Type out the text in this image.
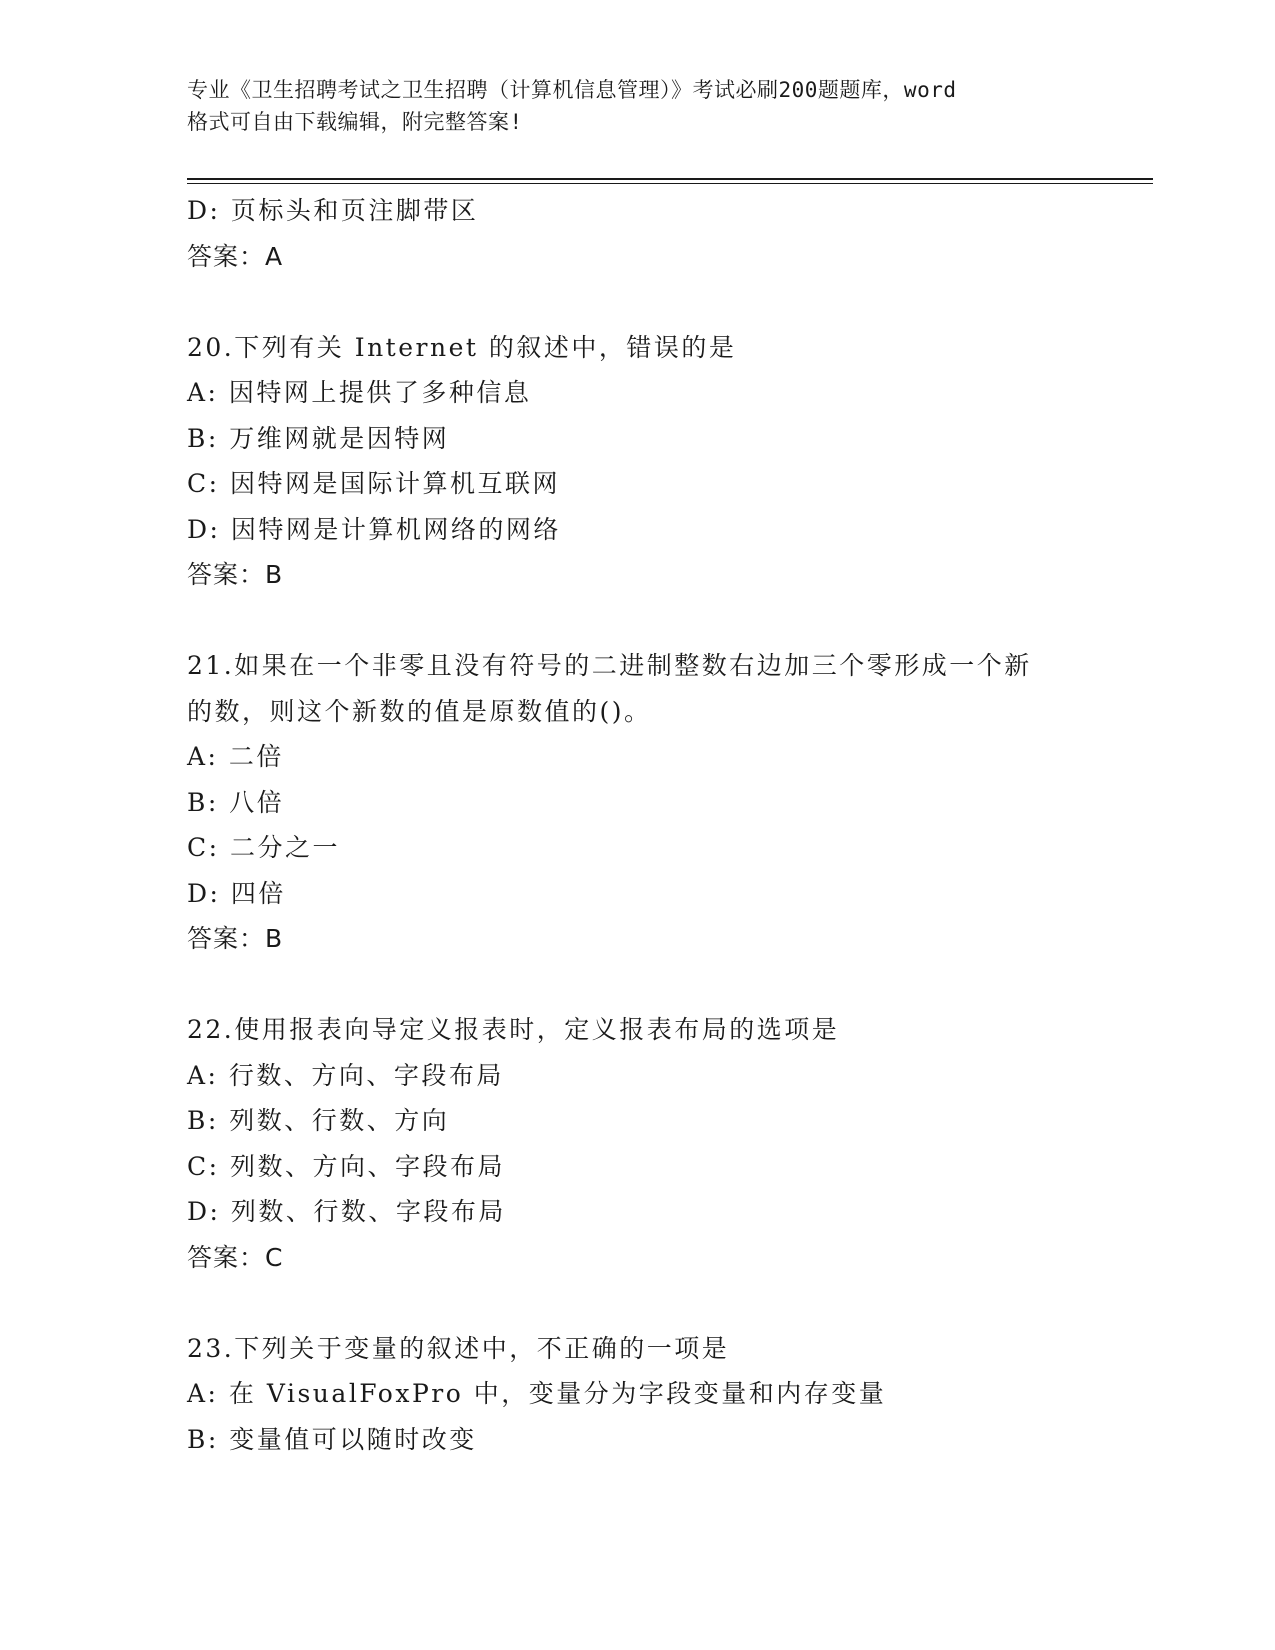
专业《卫生招聘考试之卫生招聘（计算机信息管理）》考试必刷200题题库，word
格式可自由下载编辑，附完整答案!
D: 页标头和页注脚带区
答案：A
20.下列有关 Internet 的叙述中，错误的是
A: 因特网上提供了多种信息
B: 万维网就是因特网
C: 因特网是国际计算机互联网
D: 因特网是计算机网络的网络
答案：B
21.如果在一个非零且没有符号的二进制整数右边加三个零形成一个新
的数，则这个新数的值是原数值的()。
A: 二倍
B: 八倍
C: 二分之一
D: 四倍
答案：B
22.使用报表向导定义报表时，定义报表布局的选项是
A: 行数、方向、字段布局
B: 列数、行数、方向
C: 列数、方向、字段布局
D: 列数、行数、字段布局
答案：C
23.下列关于变量的叙述中，不正确的一项是
A: 在 VisualFoxPro 中，变量分为字段变量和内存变量
B: 变量值可以随时改变
